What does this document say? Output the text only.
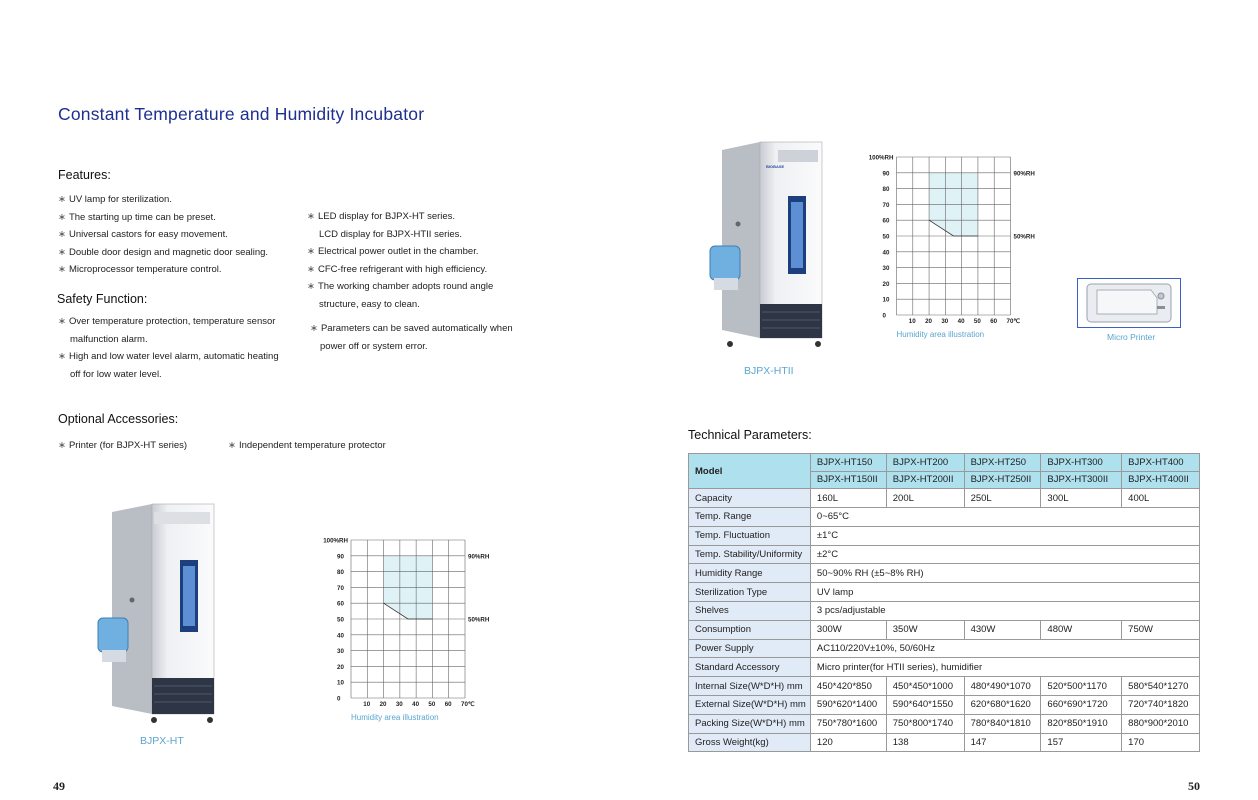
Constant Temperature and Humidity Incubator
Features:
∗ UV lamp for sterilization.
∗ The starting up time can be preset.
∗ Universal castors for easy movement.
∗ Double door design and magnetic door sealing.
∗ Microprocessor temperature control.
∗ LED display for BJPX-HT series.
LCD display for BJPX-HTII series.
∗ Electrical power outlet in the chamber.
∗ CFC-free refrigerant with high efficiency.
∗ The working chamber adopts round angle
structure, easy to clean.
∗ Parameters can be saved automatically when
power off or system error.
Safety Function:
∗ Over temperature protection, temperature sensor
malfunction alarm.
∗ High and low water level alarm, automatic heating
off for low water level.
Optional Accessories:
∗ Printer (for BJPX-HT series)	∗ Independent temperature protector
BJPX-HT
0
10
20
30
40
50
60
70
80
90
100%RH
10 20 30 40 50 60 70℃
90%RH
50%RH
Humidity area illustration
49
BIOBASE
BJPX-HTII
0
10
20
30
40
50
60
70
80
90
100%RH
10 20 30 40 50 60 70℃
90%RH
50%RH
Humidity area illustration	Micro Printer
Technical Parameters:
Model	BJPX-HT150	BJPX-HT200	BJPX-HT250	BJPX-HT300	BJPX-HT400
	BJPX-HT150II	BJPX-HT200II	BJPX-HT250II	BJPX-HT300II	BJPX-HT400II
Capacity	160L	200L	250L	300L	400L
Temp. Range	0~65°C				
Temp. Fluctuation	±1°C				
Temp. Stability/Uniformity	±2°C				
Humidity Range	50~90% RH (±5~8% RH)				
Sterilization Type	UV lamp				
Shelves	3 pcs/adjustable				
Consumption	300W	350W	430W	480W	750W
Power Supply	AC110/220V±10%, 50/60Hz				
Standard Accessory	Micro printer(for HTII series), humidifier				
Internal Size(W*D*H) mm	450*420*850	450*450*1000	480*490*1070	520*500*1170	580*540*1270
External Size(W*D*H) mm	590*620*1400	590*640*1550	620*680*1620	660*690*1720	720*740*1820
Packing Size(W*D*H) mm	750*780*1600	750*800*1740	780*840*1810	820*850*1910	880*900*2010
Gross Weight(kg)	120	138	147	157	170
50
